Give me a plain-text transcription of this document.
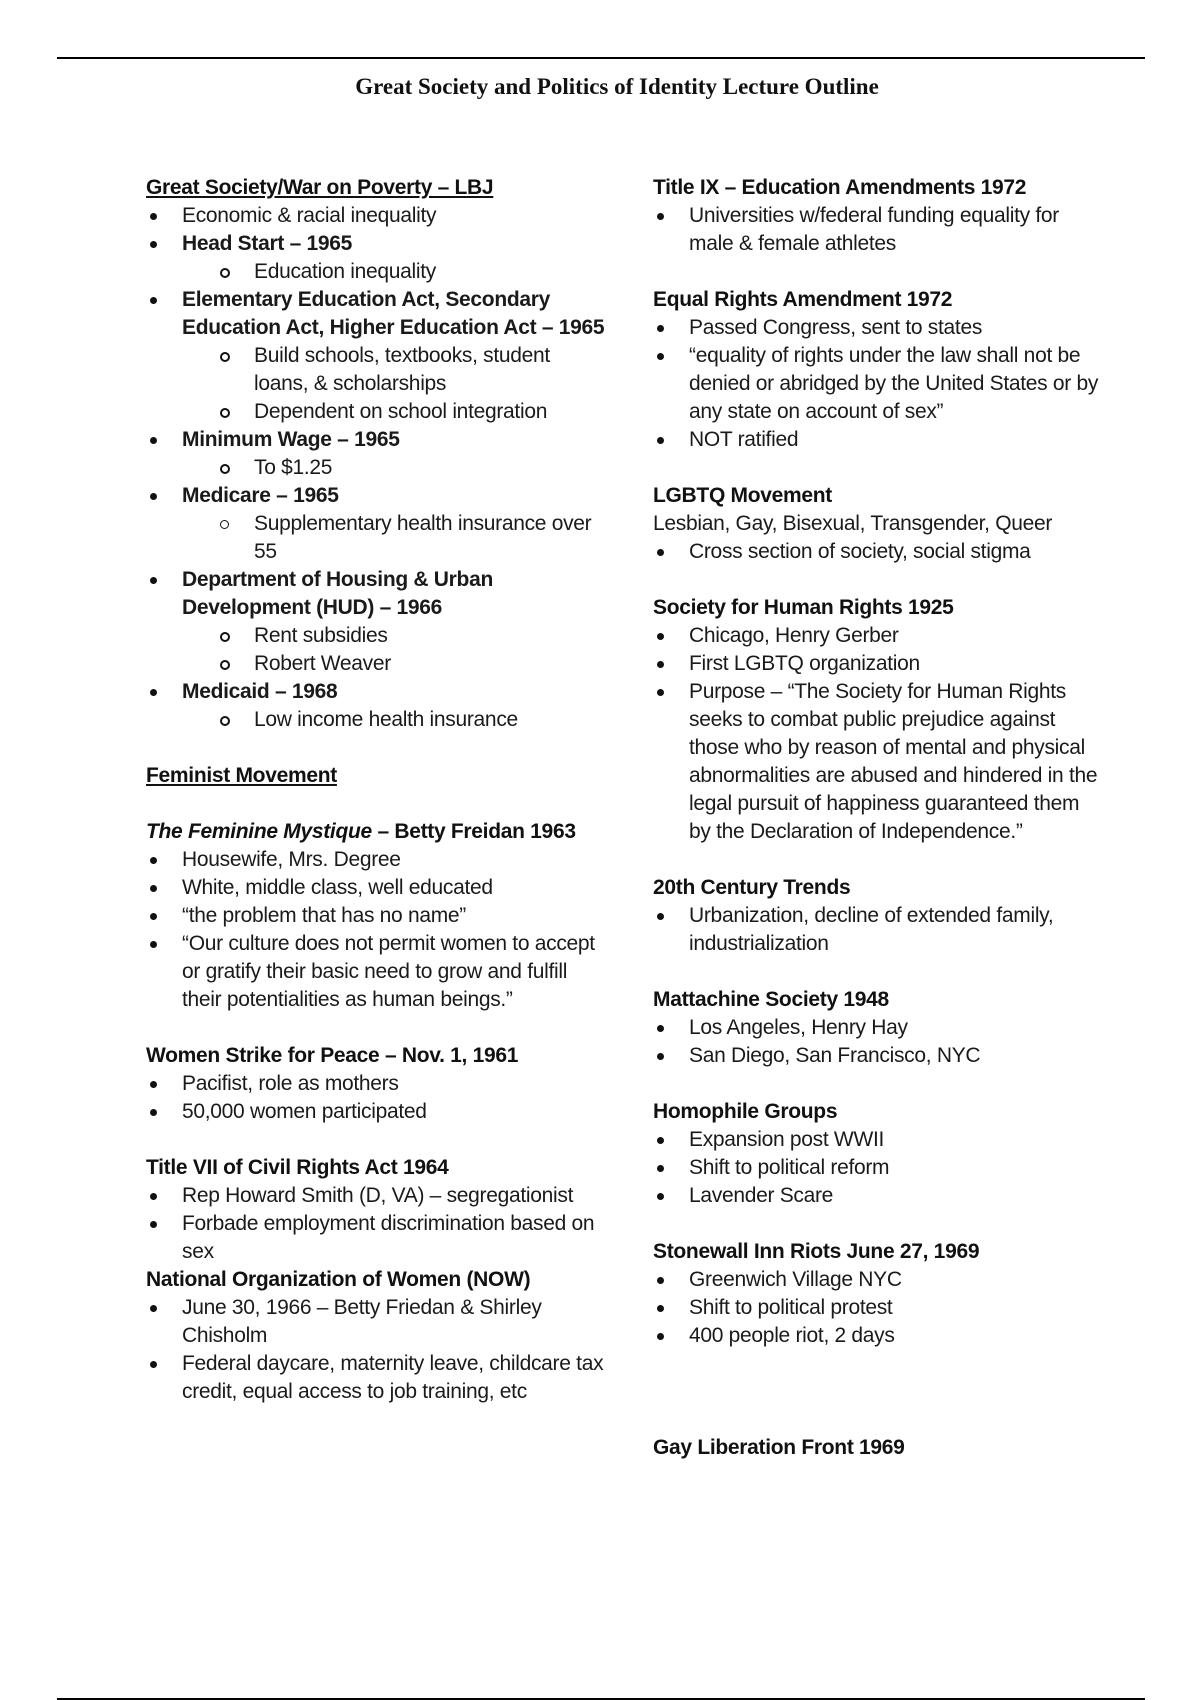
Great Society and Politics of Identity Lecture Outline
Great Society/War on Poverty – LBJ
Economic & racial inequality
Head Start – 1965
Education inequality
Elementary Education Act, Secondary Education Act, Higher Education Act – 1965
Build schools, textbooks, student loans, & scholarships
Dependent on school integration
Minimum Wage – 1965
To $1.25
Medicare – 1965
Supplementary health insurance over 55
Department of Housing & Urban Development (HUD) – 1966
Rent subsidies
Robert Weaver
Medicaid – 1968
Low income health insurance
Feminist Movement
The Feminine Mystique – Betty Freidan 1963
Housewife, Mrs. Degree
White, middle class, well educated
“the problem that has no name”
“Our culture does not permit women to accept or gratify their basic need to grow and fulfill their potentialities as human beings.”
Women Strike for Peace – Nov. 1, 1961
Pacifist, role as mothers
50,000 women participated
Title VII of Civil Rights Act 1964
Rep Howard Smith (D, VA) – segregationist
Forbade employment discrimination based on sex
National Organization of Women (NOW)
June 30, 1966 – Betty Friedan & Shirley Chisholm
Federal daycare, maternity leave, childcare tax credit, equal access to job training, etc
Title IX – Education Amendments 1972
Universities w/federal funding equality for male & female athletes
Equal Rights Amendment 1972
Passed Congress, sent to states
“equality of rights under the law shall not be denied or abridged by the United States or by any state on account of sex”
NOT ratified
LGBTQ Movement
Lesbian, Gay, Bisexual, Transgender, Queer
Cross section of society, social stigma
Society for Human Rights 1925
Chicago, Henry Gerber
First LGBTQ organization
Purpose – “The Society for Human Rights seeks to combat public prejudice against those who by reason of mental and physical abnormalities are abused and hindered in the legal pursuit of happiness guaranteed them by the Declaration of Independence.”
20th Century Trends
Urbanization, decline of extended family, industrialization
Mattachine Society 1948
Los Angeles, Henry Hay
San Diego, San Francisco, NYC
Homophile Groups
Expansion post WWII
Shift to political reform
Lavender Scare
Stonewall Inn Riots June 27, 1969
Greenwich Village NYC
Shift to political protest
400 people riot, 2 days
Gay Liberation Front 1969
